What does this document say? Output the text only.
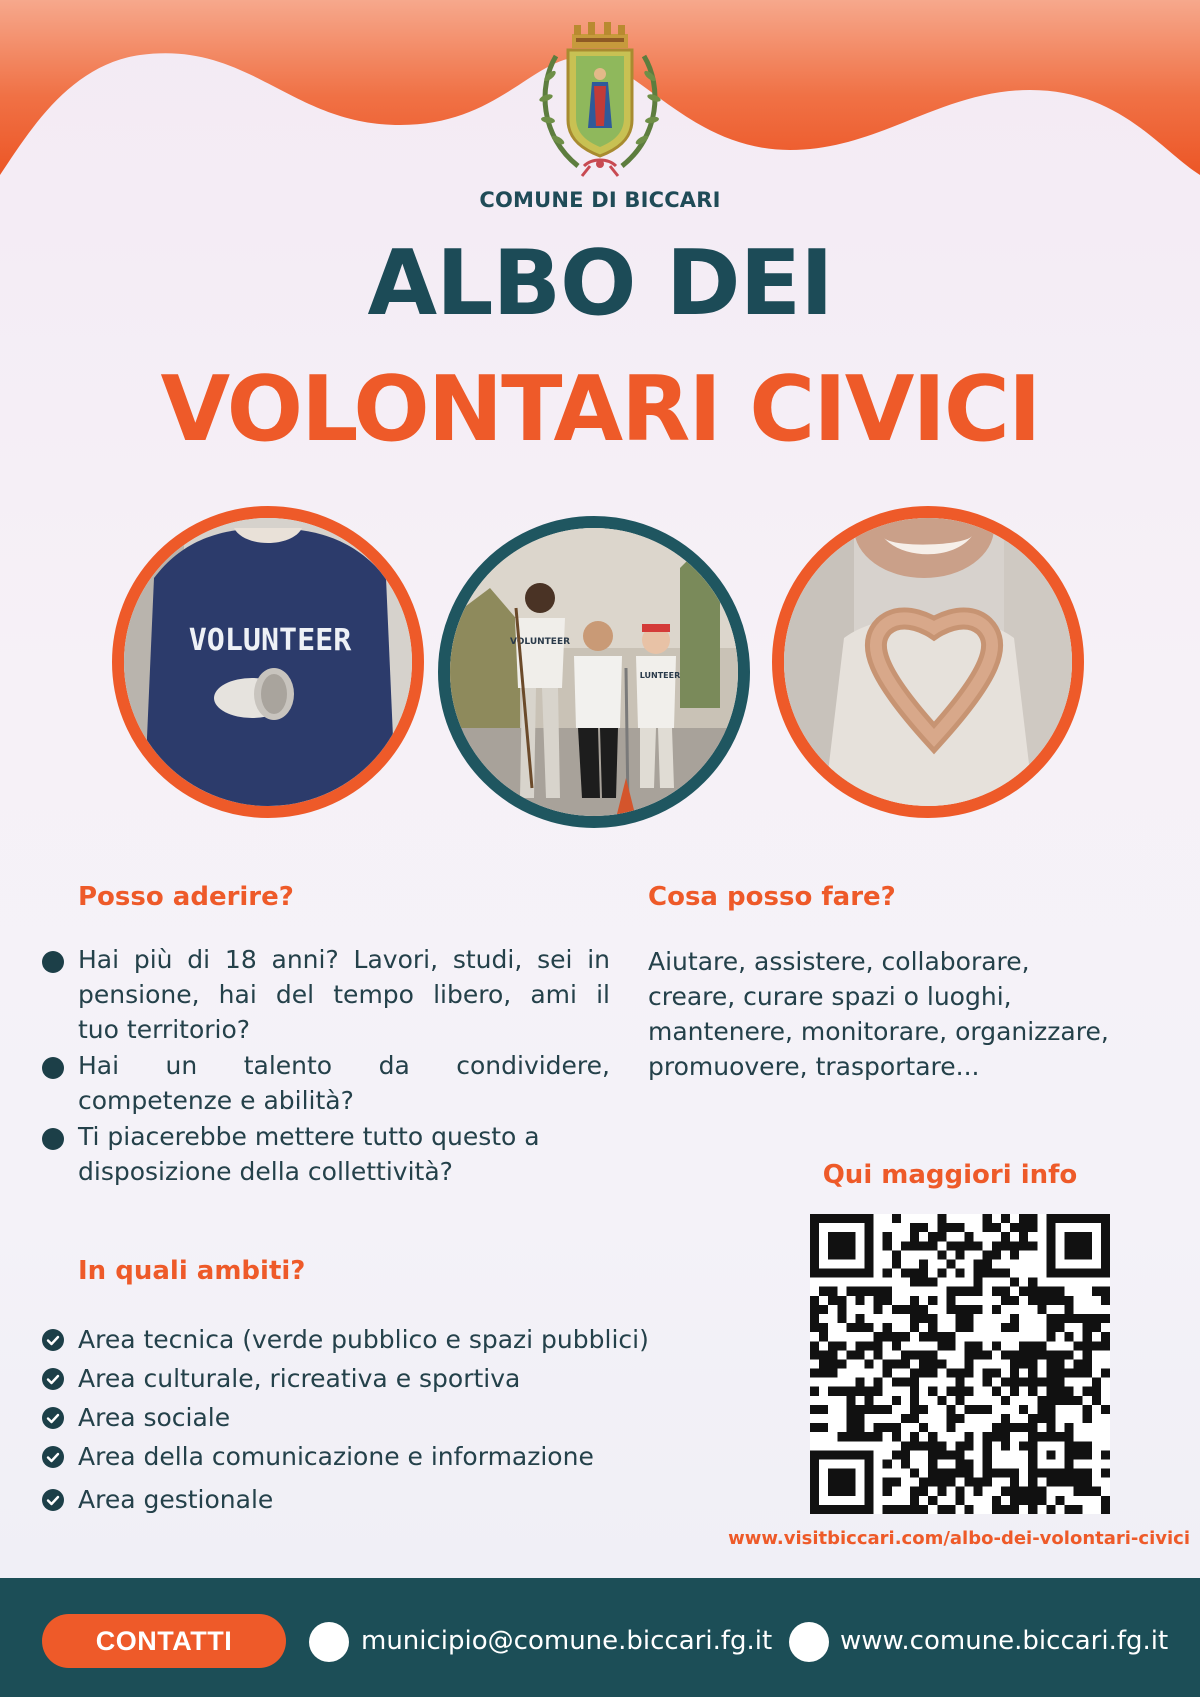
COMUNE DI BICCARI
ALBO DEI
VOLONTARI CIVICI
VOLUNTEER	VOLUNTEER
LUNTEER
Posso aderire?
Hai più di 18 anni? Lavori, studi, sei in
pensione, hai del tempo libero, ami il
tuo territorio?
Hai un talento da condividere,
competenze e abilità?
Ti piacerebbe mettere tutto questo a
disposizione della collettività?
Cosa posso fare?
Aiutare, assistere, collaborare,
creare, curare spazi o luoghi,
mantenere, monitorare, organizzare,
promuovere, trasportare...
In quali ambiti?
Area tecnica (verde pubblico e spazi pubblici)
Area culturale, ricreativa e sportiva
Area sociale
Area della comunicazione e informazione
Area gestionale
Qui maggiori info
www.visitbiccari.com/albo-dei-volontari-civici
CONTATTI	municipio@comune.biccari.fg.it	www.comune.biccari.fg.it
